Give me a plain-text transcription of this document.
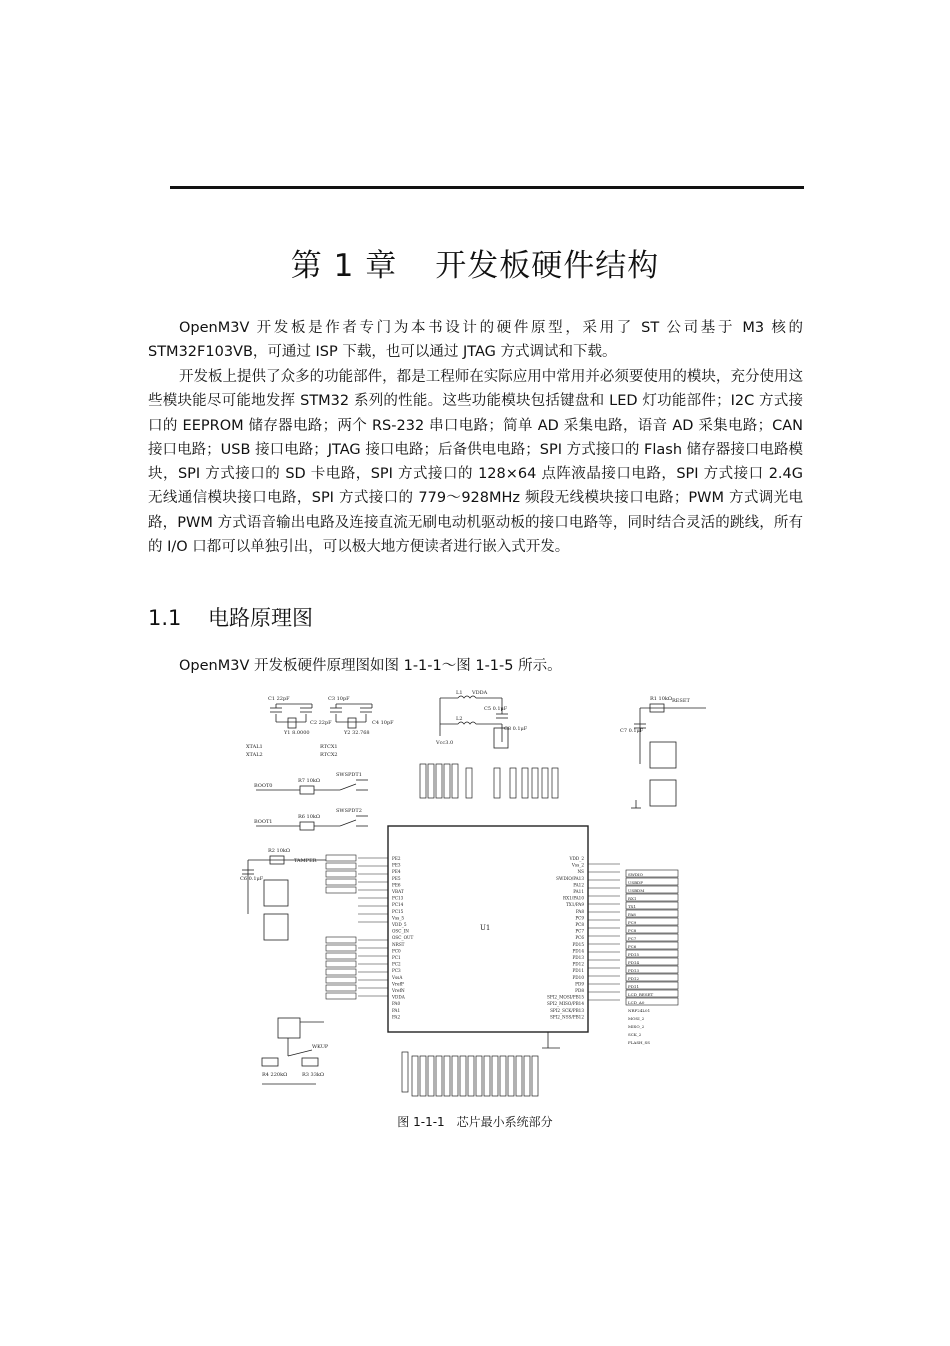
第 1 章 开发板硬件结构

OpenM3V 开发板是作者专门为本书设计的硬件原型，采用了 ST 公司基于 M3 核的 STM32F103VB，可通过 ISP 下载，也可以通过 JTAG 方式调试和下载。

开发板上提供了众多的功能部件，都是工程师在实际应用中常用并必须要使用的模块，充分使用这些模块能尽可能地发挥 STM32 系列的性能。这些功能模块包括键盘和 LED 灯功能部件；I2C 方式接口的 EEPROM 储存器电路；两个 RS-232 串口电路；简单 AD 采集电路，语音 AD 采集电路；CAN 接口电路；USB 接口电路；JTAG 接口电路；后备供电电路；SPI 方式接口的 Flash 储存器接口电路模块，SPI 方式接口的 SD 卡电路，SPI 方式接口的 128×64 点阵液晶接口电路，SPI 方式接口 2.4G 无线通信模块接口电路，SPI 方式接口的 779～928MHz 频段无线模块接口电路；PWM 方式调光电路，PWM 方式语音输出电路及连接直流无刷电动机驱动板的接口电路等，同时结合灵活的跳线，所有的 I/O 口都可以单独引出，可以极大地方便读者进行嵌入式开发。

1.1 电路原理图

OpenM3V 开发板硬件原理图如图 1-1-1～图 1-1-5 所示。

U1
BOOT0
BOOT1
SWSPDT1
SWSPDT2
TAMPER
RESET
WKUP
VDDA
R7 10kΩ
R6 10kΩ
R2 10kΩ
R1 10kΩ
R4 220kΩ	R3 33kΩ
C1 22pF
C2 22pF	C4 10pF
C3 10pF
C6 0.1μF
C7 0.1μF
C5 0.1μF
C8 0.1μF
Y1 8.0000	Y2 32.768
L1
L2
Vcc3.0
XTAL1
XTAL2
RTCX1
RTCX2
PE2
PE3
PE4
PE5
PE6
VBAT
PC13
PC14
PC15
Vss_5
VDD_5
OSC_IN
OSC_OUT
NRST
PC0
PC1
PC2
PC3
VssA
VrefP
VrefN
VDDA
PA0
PA1
PA2
VDD_2
Vss_2
NS
SWDIO/PA13
PA12
PA11
RX1/PA10
TX1/PA9
PA8
PC9
PC8
PC7
PC6
PD15
PD14
PD13
PD12
PD11
PD10
PD9
PD8
SPI2_MOSI/PB15
SPI2_MISO/PB14
SPI2_SCK/PB13
SPI2_NSS/PB12
SWDIO
USBDP
USBDM
RX1
TX1
PA8
PC9
PC8
PC7
PC6
PD15
PD14
PD13
PD12
PD11
LCD_RESET
LCD_A0
NRF24L01
MOSI_2
MISO_2
SCK_2
FLASH_SS
图 1-1-1　芯片最小系统部分
